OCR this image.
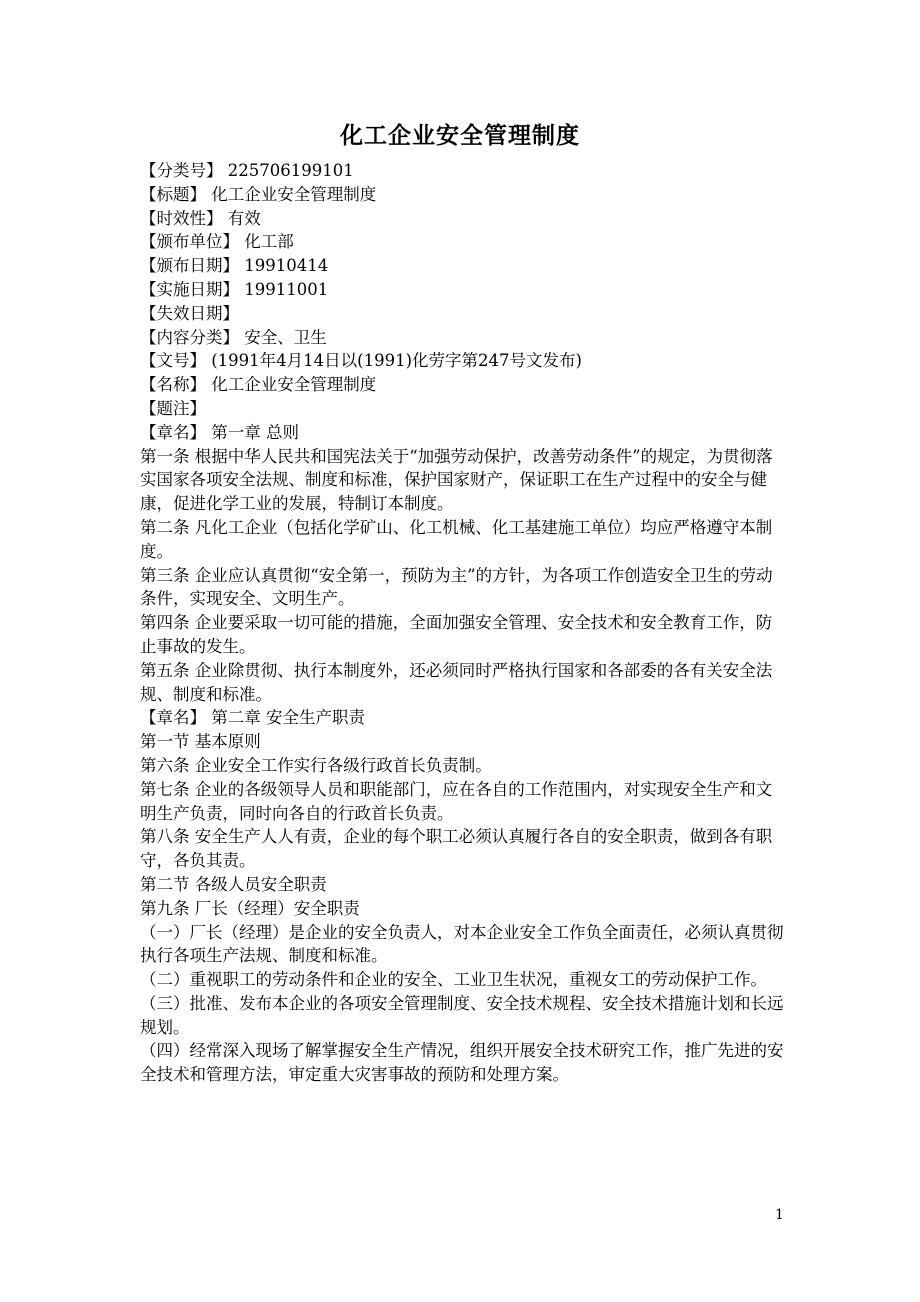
化工企业安全管理制度

【分类号】 225706199101

【标题】 化工企业安全管理制度

【时效性】 有效

【颁布单位】 化工部

【颁布日期】 19910414

【实施日期】 19911001

【失效日期】

【内容分类】 安全、卫生

【文号】 (1991年4月14日以(1991)化劳字第247号文发布)

【名称】 化工企业安全管理制度

【题注】

【章名】 第一章 总则

第一条 根据中华人民共和国宪法关于“加强劳动保护，改善劳动条件”的规定，为贯彻落实国家各项安全法规、制度和标准，保护国家财产，保证职工在生产过程中的安全与健康，促进化学工业的发展，特制订本制度。

第二条 凡化工企业（包括化学矿山、化工机械、化工基建施工单位）均应严格遵守本制度。

第三条 企业应认真贯彻“安全第一，预防为主”的方针，为各项工作创造安全卫生的劳动条件，实现安全、文明生产。

第四条 企业要采取一切可能的措施，全面加强安全管理、安全技术和安全教育工作，防止事故的发生。

第五条 企业除贯彻、执行本制度外，还必须同时严格执行国家和各部委的各有关安全法规、制度和标准。

【章名】 第二章 安全生产职责

第一节 基本原则

第六条 企业安全工作实行各级行政首长负责制。

第七条 企业的各级领导人员和职能部门，应在各自的工作范围内，对实现安全生产和文明生产负责，同时向各自的行政首长负责。

第八条 安全生产人人有责，企业的每个职工必须认真履行各自的安全职责，做到各有职守，各负其责。

第二节 各级人员安全职责

第九条 厂长（经理）安全职责

（一）厂长（经理）是企业的安全负责人，对本企业安全工作负全面责任，必须认真贯彻执行各项生产法规、制度和标准。

（二）重视职工的劳动条件和企业的安全、工业卫生状况，重视女工的劳动保护工作。

（三）批准、发布本企业的各项安全管理制度、安全技术规程、安全技术措施计划和长远规划。

（四）经常深入现场了解掌握安全生产情况，组织开展安全技术研究工作，推广先进的安全技术和管理方法，审定重大灾害事故的预防和处理方案。

1
